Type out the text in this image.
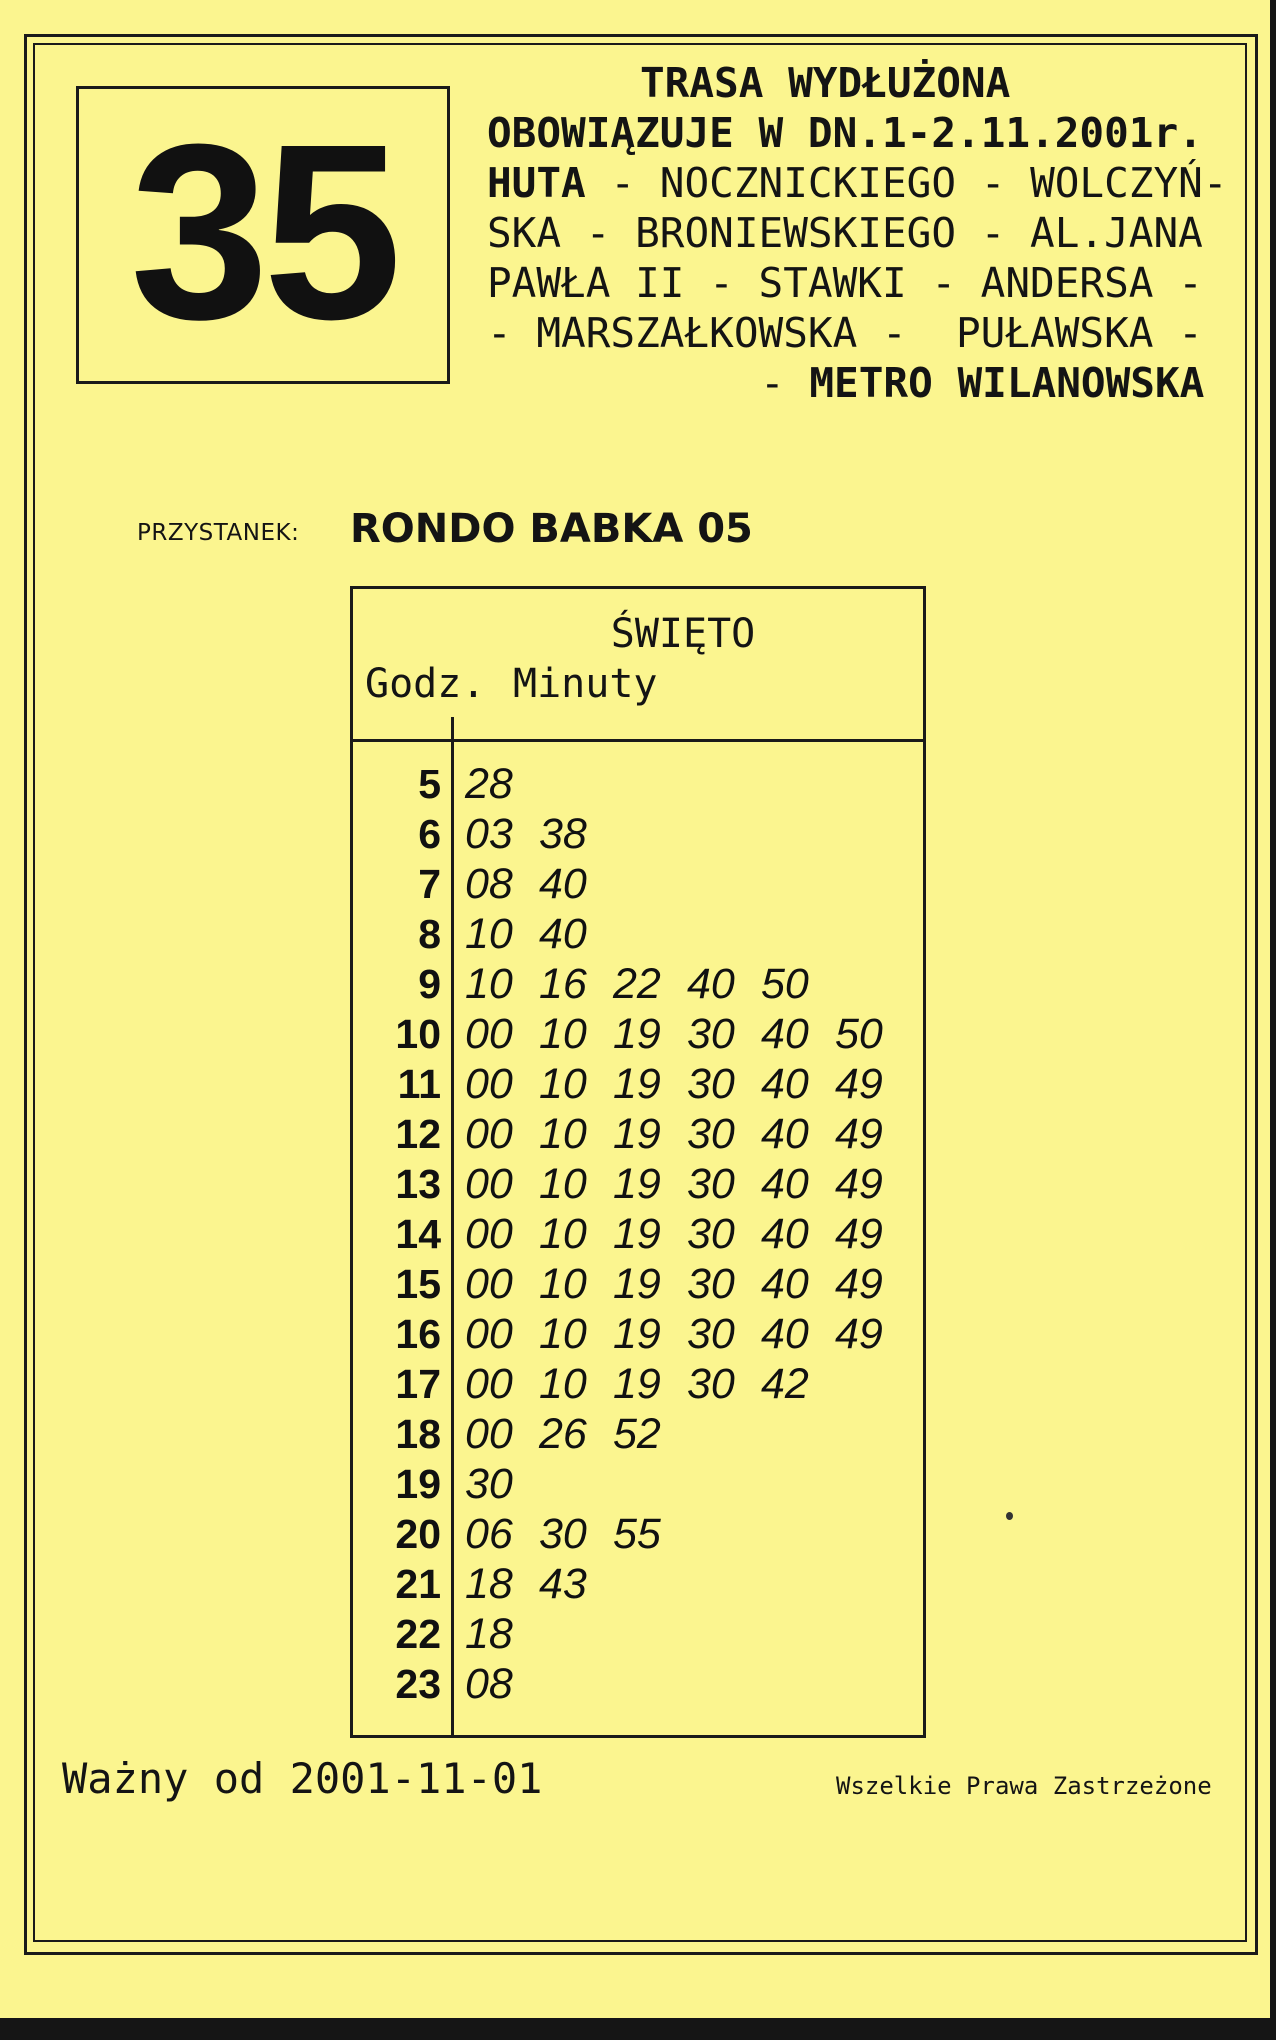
35
TRASA WYDŁUŻONA
OBOWIĄZUJE W DN.1-2.11.2001r.
HUTA - NOCZNICKIEGO - WOLCZYŃ-
SKA - BRONIEWSKIEGO - AL.JANA
PAWŁA II - STAWKI - ANDERSA -
- MARSZAŁKOWSKA -  PUŁAWSKA -
- METRO WILANOWSKA
PRZYSTANEK: RONDO BABKA 05
ŚWIĘTO
Godz. Minuty
5 28
6 03 38
7 08 40
8 10 40
9 10 16 22 40 50
10 00 10 19 30 40 50
11 00 10 19 30 40 49
12 00 10 19 30 40 49
13 00 10 19 30 40 49
14 00 10 19 30 40 49
15 00 10 19 30 40 49
16 00 10 19 30 40 49
17 00 10 19 30 42
18 00 26 52
19 30
20 06 30 55
21 18 43
22 18
23 08
Ważny od 2001-11-01	Wszelkie Prawa Zastrzeżone
